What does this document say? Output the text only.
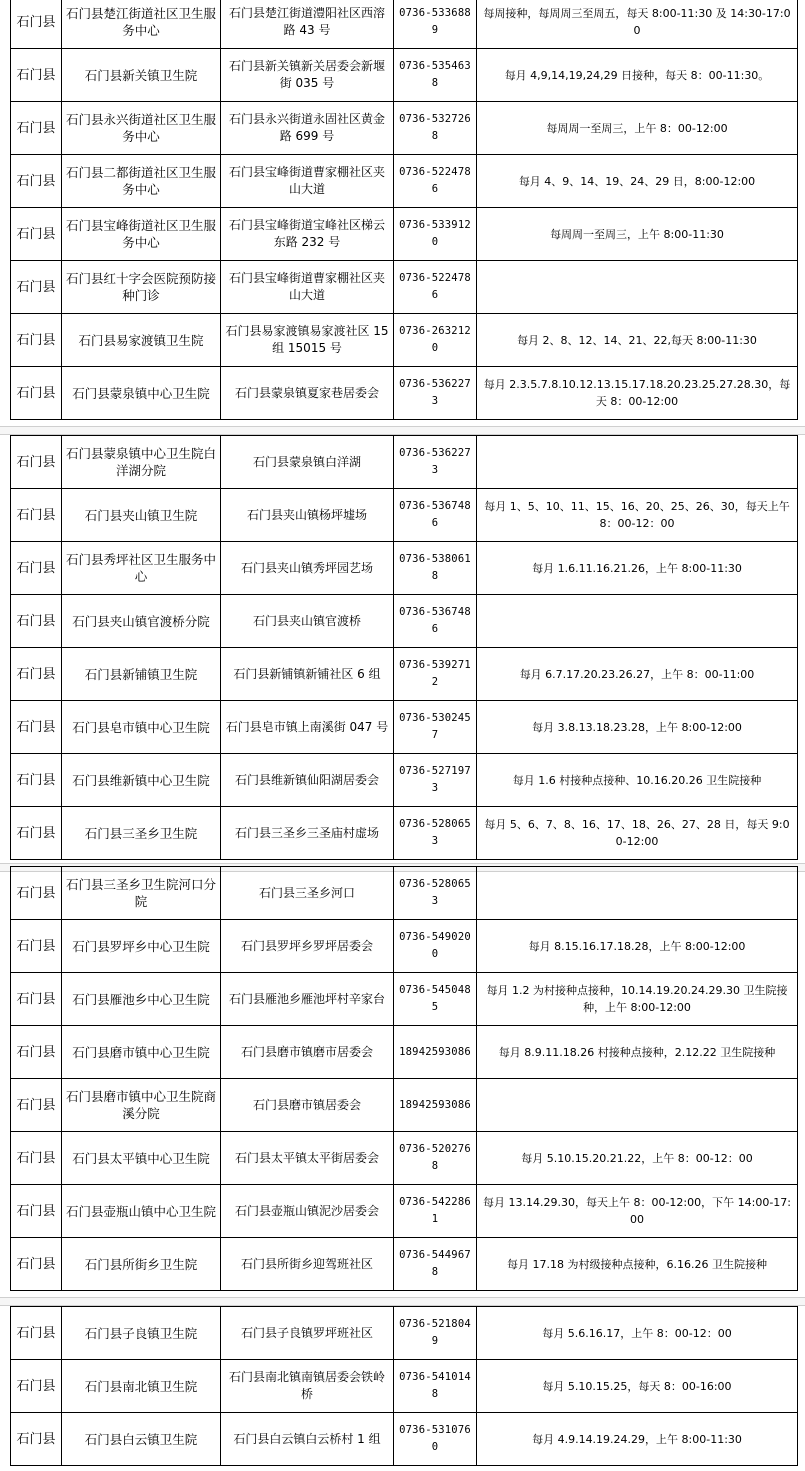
石门县	石门县楚江街道社区卫生服务中心	石门县楚江街道澧阳社区西溶路 43 号	0736-5336889	每周接种，每周周三至周五，每天 8:00-11:30 及 14:30-17:00
石门县	石门县新关镇卫生院	石门县新关镇新关居委会新堰街 035 号	0736-5354638	每月 4,9,14,19,24,29 日接种，每天 8：00-11:30。
石门县	石门县永兴街道社区卫生服务中心	石门县永兴街道永固社区黄金路 699 号	0736-5327268	每周周一至周三，上午 8：00-12:00
石门县	石门县二都街道社区卫生服务中心	石门县宝峰街道曹家棚社区夹山大道	0736-5224786	每月 4、9、14、19、24、29 日，8:00-12:00
石门县	石门县宝峰街道社区卫生服务中心	石门县宝峰街道宝峰社区梯云东路 232 号	0736-5339120	每周周一至周三，上午 8:00-11:30
石门县	石门县红十字会医院预防接种门诊	石门县宝峰街道曹家棚社区夹山大道	0736-5224786	
石门县	石门县易家渡镇卫生院	石门县易家渡镇易家渡社区 15 组 15015 号	0736-2632120	每月 2、8、12、14、21、22,每天 8:00-11:30
石门县	石门县蒙泉镇中心卫生院	石门县蒙泉镇夏家巷居委会	0736-5362273	每月 2.3.5.7.8.10.12.13.15.17.18.20.23.25.27.28.30，每天 8：00-12:00
石门县	石门县蒙泉镇中心卫生院白洋湖分院	石门县蒙泉镇白洋湖	0736-5362273	
石门县	石门县夹山镇卫生院	石门县夹山镇杨坪墟场	0736-5367486	每月 1、5、10、11、15、16、20、25、26、30，每天上午 8：00-12：00
石门县	石门县秀坪社区卫生服务中心	石门县夹山镇秀坪园艺场	0736-5380618	每月 1.6.11.16.21.26，上午 8:00-11:30
石门县	石门县夹山镇官渡桥分院	石门县夹山镇官渡桥	0736-5367486	
石门县	石门县新铺镇卫生院	石门县新铺镇新铺社区 6 组	0736-5392712	每月 6.7.17.20.23.26.27，上午 8：00-11:00
石门县	石门县皂市镇中心卫生院	石门县皂市镇上南溪街 047 号	0736-5302457	每月 3.8.13.18.23.28，上午 8:00-12:00
石门县	石门县维新镇中心卫生院	石门县维新镇仙阳湖居委会	0736-5271973	每月 1.6 村接种点接种、10.16.20.26 卫生院接种
石门县	石门县三圣乡卫生院	石门县三圣乡三圣庙村虚场	0736-5280653	每月 5、6、7、8、16、17、18、26、27、28 日，每天 9:00-12:00
石门县	石门县三圣乡卫生院河口分院	石门县三圣乡河口	0736-5280653	
石门县	石门县罗坪乡中心卫生院	石门县罗坪乡罗坪居委会	0736-5490200	每月 8.15.16.17.18.28，上午 8:00-12:00
石门县	石门县雁池乡中心卫生院	石门县雁池乡雁池坪村辛家台	0736-5450485	每月 1.2 为村接种点接种，10.14.19.20.24.29.30 卫生院接种，上午 8:00-12:00
石门县	石门县磨市镇中心卫生院	石门县磨市镇磨市居委会	18942593086	每月 8.9.11.18.26 村接种点接种，2.12.22 卫生院接种
石门县	石门县磨市镇中心卫生院商溪分院	石门县磨市镇居委会	18942593086	
石门县	石门县太平镇中心卫生院	石门县太平镇太平街居委会	0736-5202768	每月 5.10.15.20.21.22，上午 8：00-12：00
石门县	石门县壶瓶山镇中心卫生院	石门县壶瓶山镇泥沙居委会	0736-5422861	每月 13.14.29.30，每天上午 8：00-12:00，下午 14:00-17:00
石门县	石门县所街乡卫生院	石门县所街乡迎驾班社区	0736-5449678	每月 17.18 为村级接种点接种，6.16.26 卫生院接种
石门县	石门县子良镇卫生院	石门县子良镇罗坪班社区	0736-5218049	每月 5.6.16.17，上午 8：00-12：00
石门县	石门县南北镇卫生院	石门县南北镇南镇居委会铁岭桥	0736-5410148	每月 5.10.15.25，每天 8：00-16:00
石门县	石门县白云镇卫生院	石门县白云镇白云桥村 1 组	0736-5310760	每月 4.9.14.19.24.29，上午 8:00-11:30
